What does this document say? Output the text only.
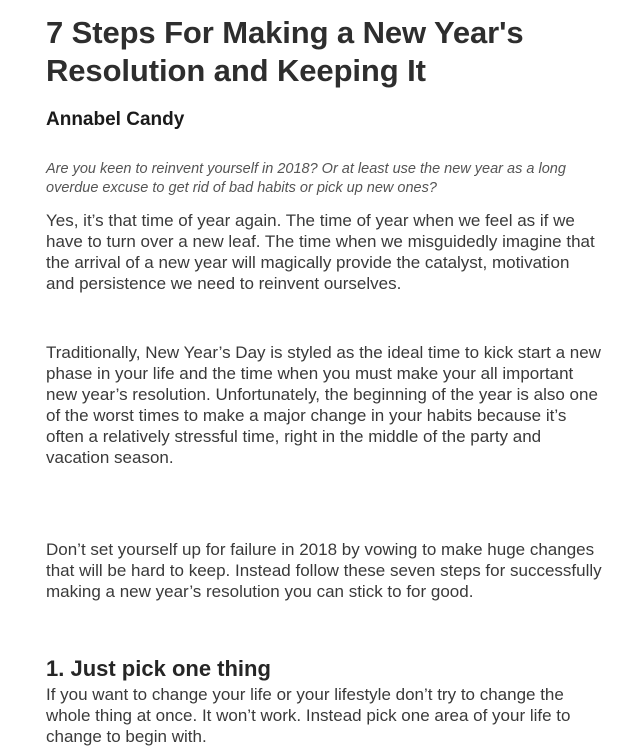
7 Steps For Making a New Year's Resolution and Keeping It
Annabel Candy
Are you keen to reinvent yourself in 2018? Or at least use the new year as a long overdue excuse to get rid of bad habits or pick up new ones?
Yes, it’s that time of year again. The time of year when we feel as if we have to turn over a new leaf. The time when we misguidedly imagine that the arrival of a new year will magically provide the catalyst, motivation and persistence we need to reinvent ourselves.
Traditionally, New Year’s Day is styled as the ideal time to kick start a new phase in your life and the time when you must make your all important new year’s resolution. Unfortunately, the beginning of the year is also one of the worst times to make a major change in your habits because it’s often a relatively stressful time, right in the middle of the party and vacation season.
Don’t set yourself up for failure in 2018 by vowing to make huge changes that will be hard to keep. Instead follow these seven steps for successfully making a new year’s resolution you can stick to for good.
1. Just pick one thing
If you want to change your life or your lifestyle don’t try to change the whole thing at once. It won’t work. Instead pick one area of your life to change to begin with.
